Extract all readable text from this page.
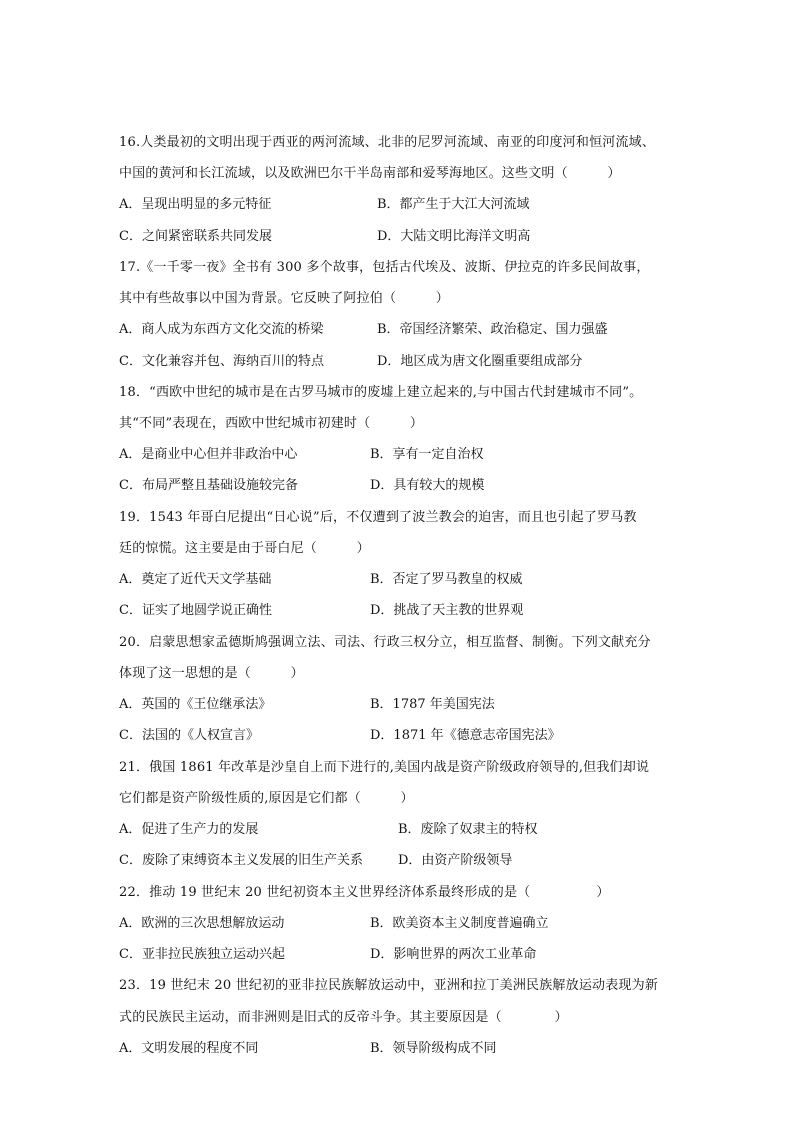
16.人类最初的文明出现于西亚的两河流域、北非的尼罗河流域、南亚的印度河和恒河流域、
中国的黄河和长江流域，以及欧洲巴尔干半岛南部和爱琴海地区。这些文明（　　　）
A．呈现出明显的多元特征	B．都产生于大江大河流域
C．之间紧密联系共同发展	D．大陆文明比海洋文明高
17.《一千零一夜》全书有 300 多个故事，包括古代埃及、波斯、伊拉克的许多民间故事，
其中有些故事以中国为背景。它反映了阿拉伯（　　　）
A．商人成为东西方文化交流的桥梁	B．帝国经济繁荣、政治稳定、国力强盛
C．文化兼容并包、海纳百川的特点	D．地区成为唐文化圈重要组成部分
18．“西欧中世纪的城市是在古罗马城市的废墟上建立起来的,与中国古代封建城市不同”。
其“不同”表现在，西欧中世纪城市初建时（　　　）
A．是商业中心但并非政治中心	B．享有一定自治权
C．布局严整且基础设施较完备	D．具有较大的规模
19．1543 年哥白尼提出“日心说”后，不仅遭到了波兰教会的迫害，而且也引起了罗马教
廷的惊慌。这主要是由于哥白尼（　　　）
A．奠定了近代天文学基础	B．否定了罗马教皇的权威
C．证实了地圆学说正确性	D．挑战了天主教的世界观
20．启蒙思想家孟德斯鸠强调立法、司法、行政三权分立，相互监督、制衡。下列文献充分
体现了这一思想的是（　　　）
A．英国的《王位继承法》	B．1787 年美国宪法
C．法国的《人权宣言》	D．1871 年《德意志帝国宪法》
21．俄国 1861 年改革是沙皇自上而下进行的,美国内战是资产阶级政府领导的,但我们却说
它们都是资产阶级性质的,原因是它们都（　　　）
A．促进了生产力的发展	B．废除了奴隶主的特权
C．废除了束缚资本主义发展的旧生产关系	D．由资产阶级领导
22．推动 19 世纪末 20 世纪初资本主义世界经济体系最终形成的是（　　　　　）
A．欧洲的三次思想解放运动	B．欧美资本主义制度普遍确立
C．亚非拉民族独立运动兴起	D．影响世界的两次工业革命
23．19 世纪末 20 世纪初的亚非拉民族解放运动中，亚洲和拉丁美洲民族解放运动表现为新
式的民族民主运动，而非洲则是旧式的反帝斗争。其主要原因是（　　　　）
A．文明发展的程度不同	B．领导阶级构成不同
